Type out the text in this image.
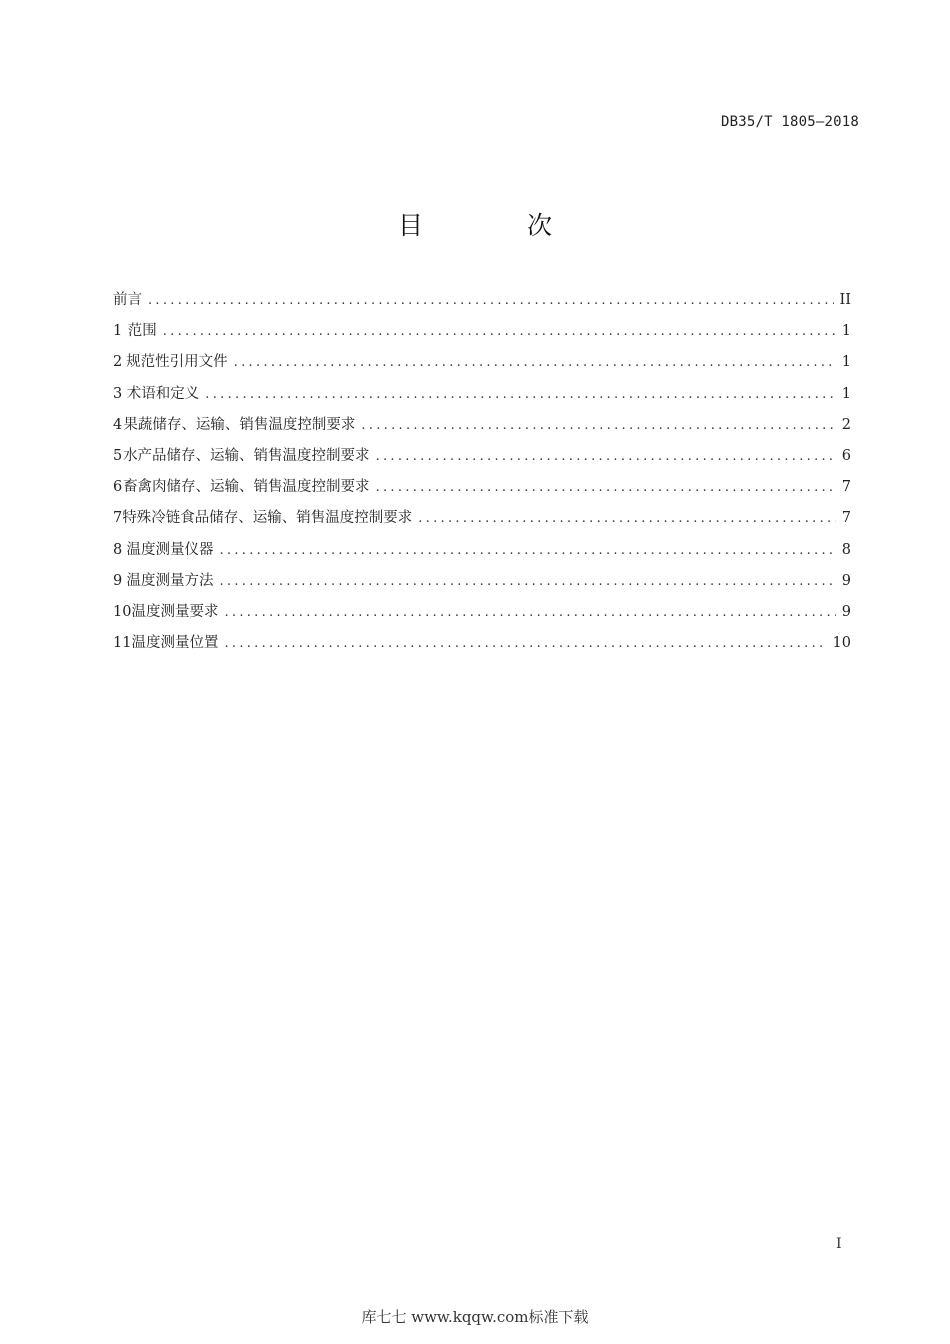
DB35/T 1805—2018
目 次
前言 .....	II
1 范围 .....	1
2 规范性引用文件 .....	1
3 术语和定义 .....	1
4 果蔬储存、运输、销售温度控制要求 .....	2
5 水产品储存、运输、销售温度控制要求 .....	6
6 畜禽肉储存、运输、销售温度控制要求 .....	7
7 特殊冷链食品储存、运输、销售温度控制要求 .....	7
8 温度测量仪器 .....	8
9 温度测量方法 .....	9
10 温度测量要求 .....	9
11 温度测量位置 .....	10
I
库七七 www.kqqw.com标准下载
